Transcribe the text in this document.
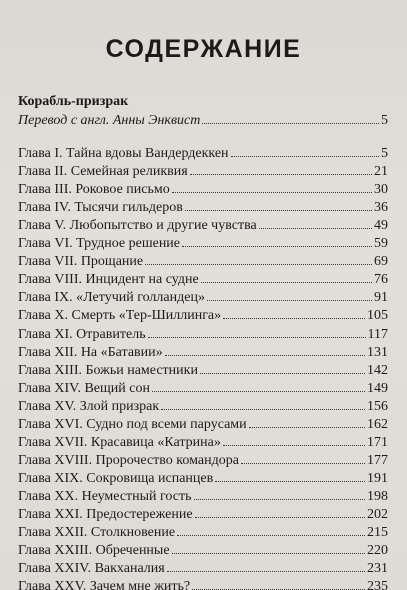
СОДЕРЖАНИЕ
Корабль-призрак
Перевод с англ. Анны Энквист	5
Глава I. Тайна вдовы Вандердеккен	5
Глава II. Семейная реликвия	21
Глава III. Роковое письмо	30
Глава IV. Тысячи гильдеров	36
Глава V. Любопытство и другие чувства	49
Глава VI. Трудное решение	59
Глава VII. Прощание	69
Глава VIII. Инцидент на судне	76
Глава IX. «Летучий голландец»	91
Глава X. Смерть «Тер-Шиллинга»	105
Глава XI. Отравитель	117
Глава XII. На «Батавии»	131
Глава XIII. Божьи наместники	142
Глава XIV. Вещий сон	149
Глава XV. Злой призрак	156
Глава XVI. Судно под всеми парусами	162
Глава XVII. Красавица «Катрина»	171
Глава XVIII. Пророчество командора	177
Глава XIX. Сокровища испанцев	191
Глава XX. Неуместный гость	198
Глава XXI. Предостережение	202
Глава XXII. Столкновение	215
Глава XXIII. Обреченные	220
Глава XXIV. Вакханалия	231
Глава XXV. Зачем мне жить?	235
